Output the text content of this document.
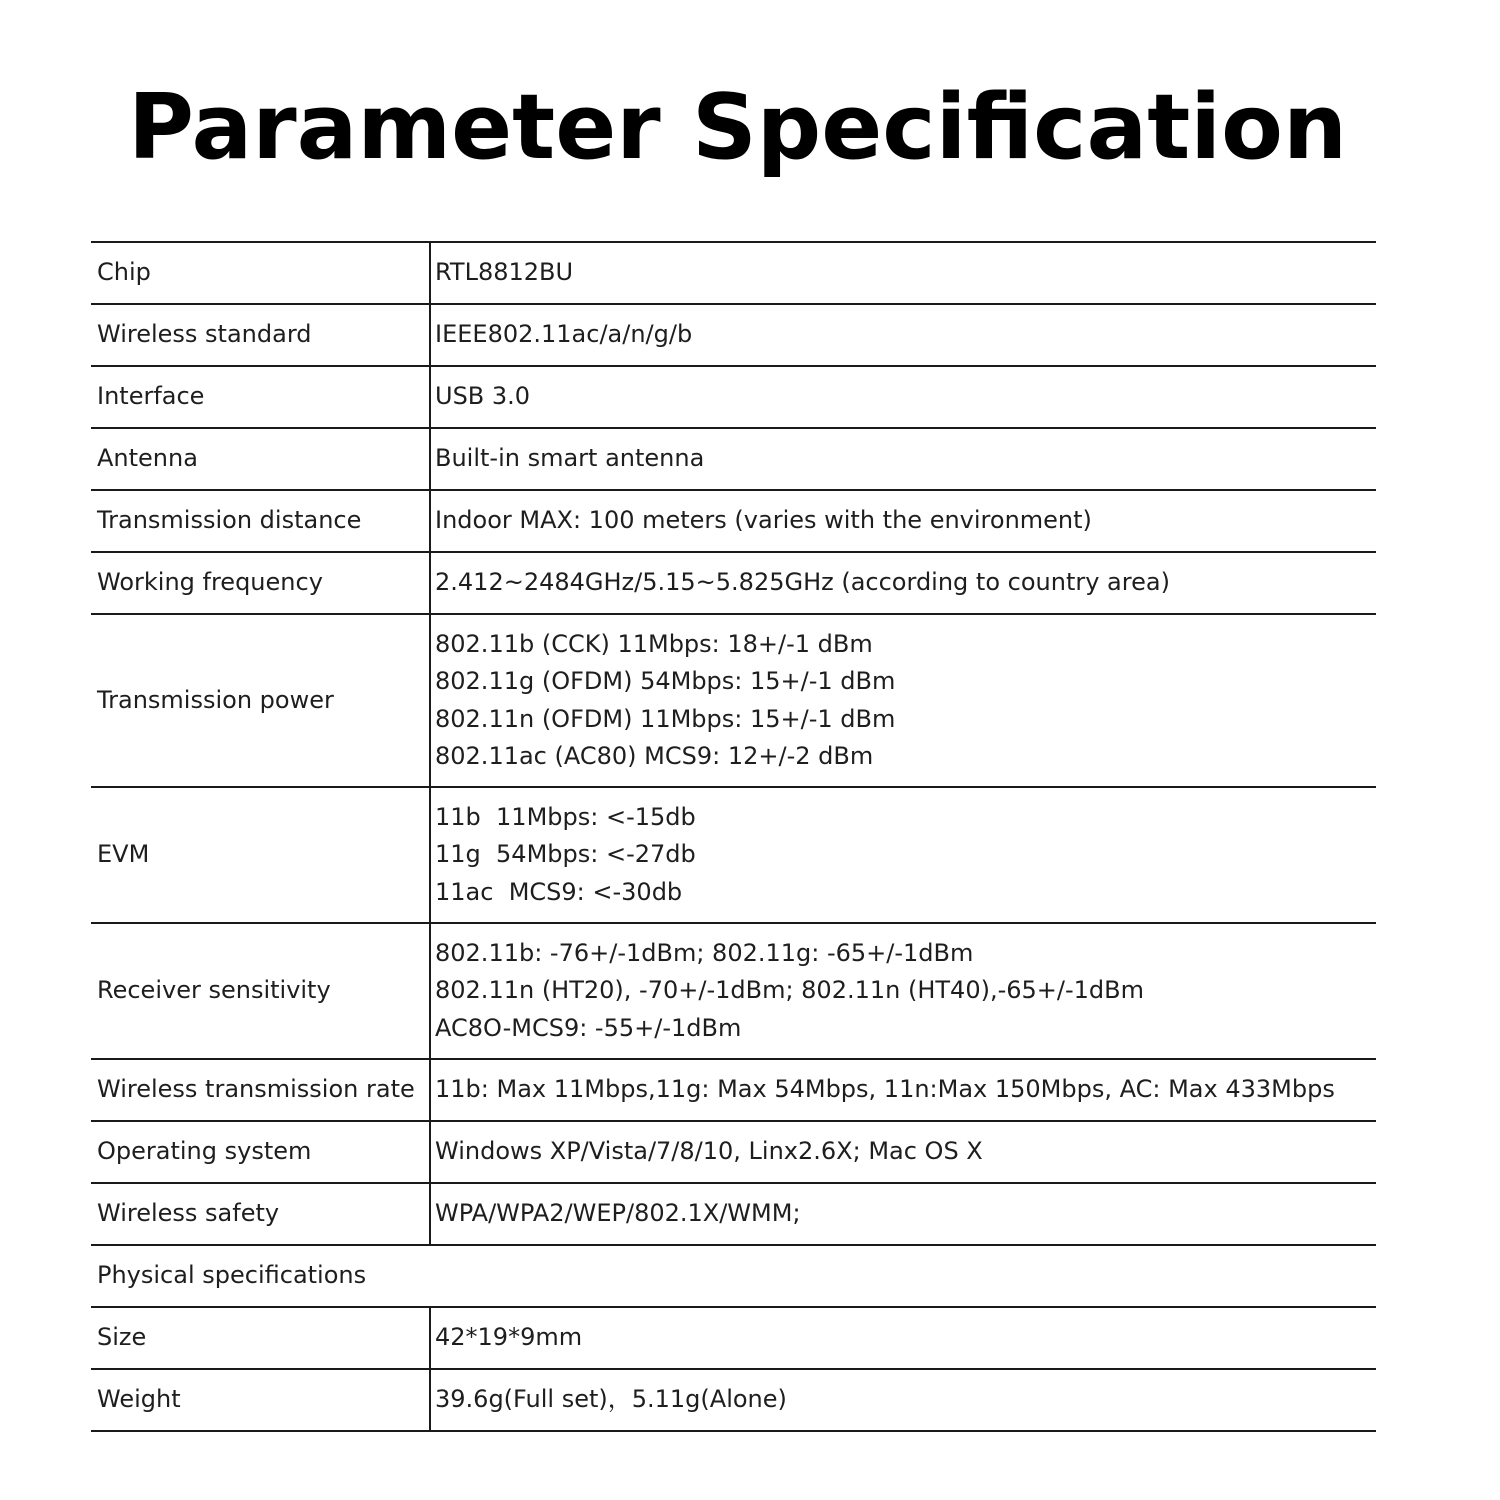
Parameter Specification
Chip	RTL8812BU

Wireless standard	IEEE802.11ac/a/n/g/b

Interface	USB 3.0

Antenna	Built-in smart antenna

Transmission distance	Indoor MAX: 100 meters (varies with the environment)

Working frequency	2.412~2484GHz/5.15~5.825GHz (according to country area)

Transmission power	802.11b (CCK) 11Mbps: 18+/-1 dBm
802.11g (OFDM) 54Mbps: 15+/-1 dBm
802.11n (OFDM) 11Mbps: 15+/-1 dBm
802.11ac (AC80) MCS9: 12+/-2 dBm

EVM	11b  11Mbps: <-15db
11g  54Mbps: <-27db
11ac  MCS9: <-30db

Receiver sensitivity	802.11b: -76+/-1dBm; 802.11g: -65+/-1dBm
802.11n (HT20), -70+/-1dBm; 802.11n (HT40),-65+/-1dBm
AC8O-MCS9: -55+/-1dBm

Wireless transmission rate	11b: Max 11Mbps,11g: Max 54Mbps, 11n:Max 150Mbps, AC: Max 433Mbps

Operating system	Windows XP/Vista/7/8/10, Linx2.6X; Mac OS X

Wireless safety	WPA/WPA2/WEP/802.1X/WMM;

Physical specifications	

Size	42*19*9mm

Weight	39.6g(Full set)，5.11g(Alone)
